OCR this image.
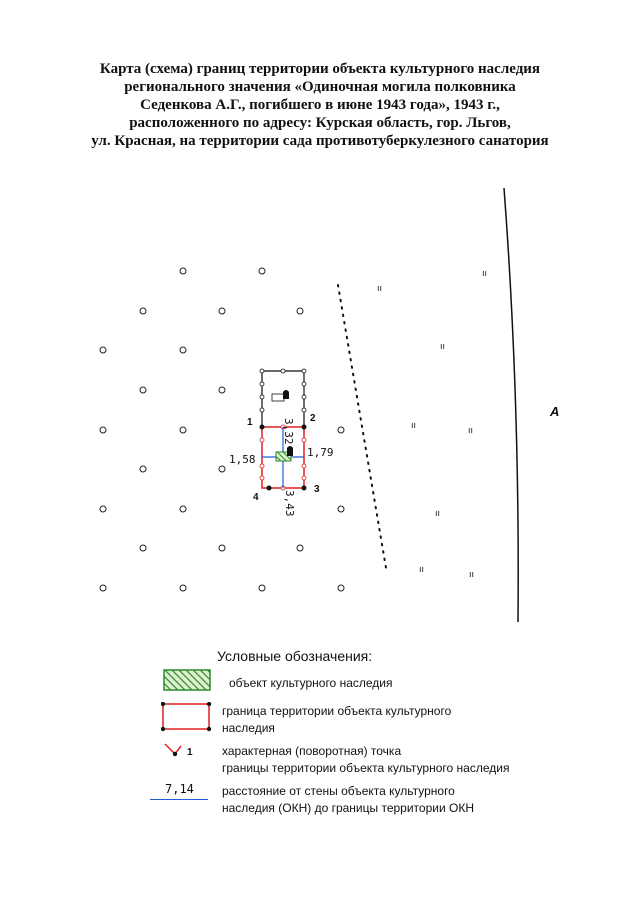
Карта (схема) границ территории объекта культурного наследия
регионального значения «Одиночная могила полковника
Седенкова А.Г., погибшего в июне 1943 года», 1943 г.,
расположенного по адресу: Курская область, гор. Льгов,
ул. Красная, на территории сада противотуберкулезного санатория
А
ıı
ıı
ıı
ıı	ıı
ıı
ıı	ıı
1	2
3
4
3,32
1,58
1,79
3,43
Условные обозначения:
объект культурного наследия
граница территории объекта культурного
наследия
1 характерная (поворотная) точка
границы территории объекта культурного наследия
7,14 расстояние от стены объекта культурного
наследия (ОКН) до границы территории ОКН
